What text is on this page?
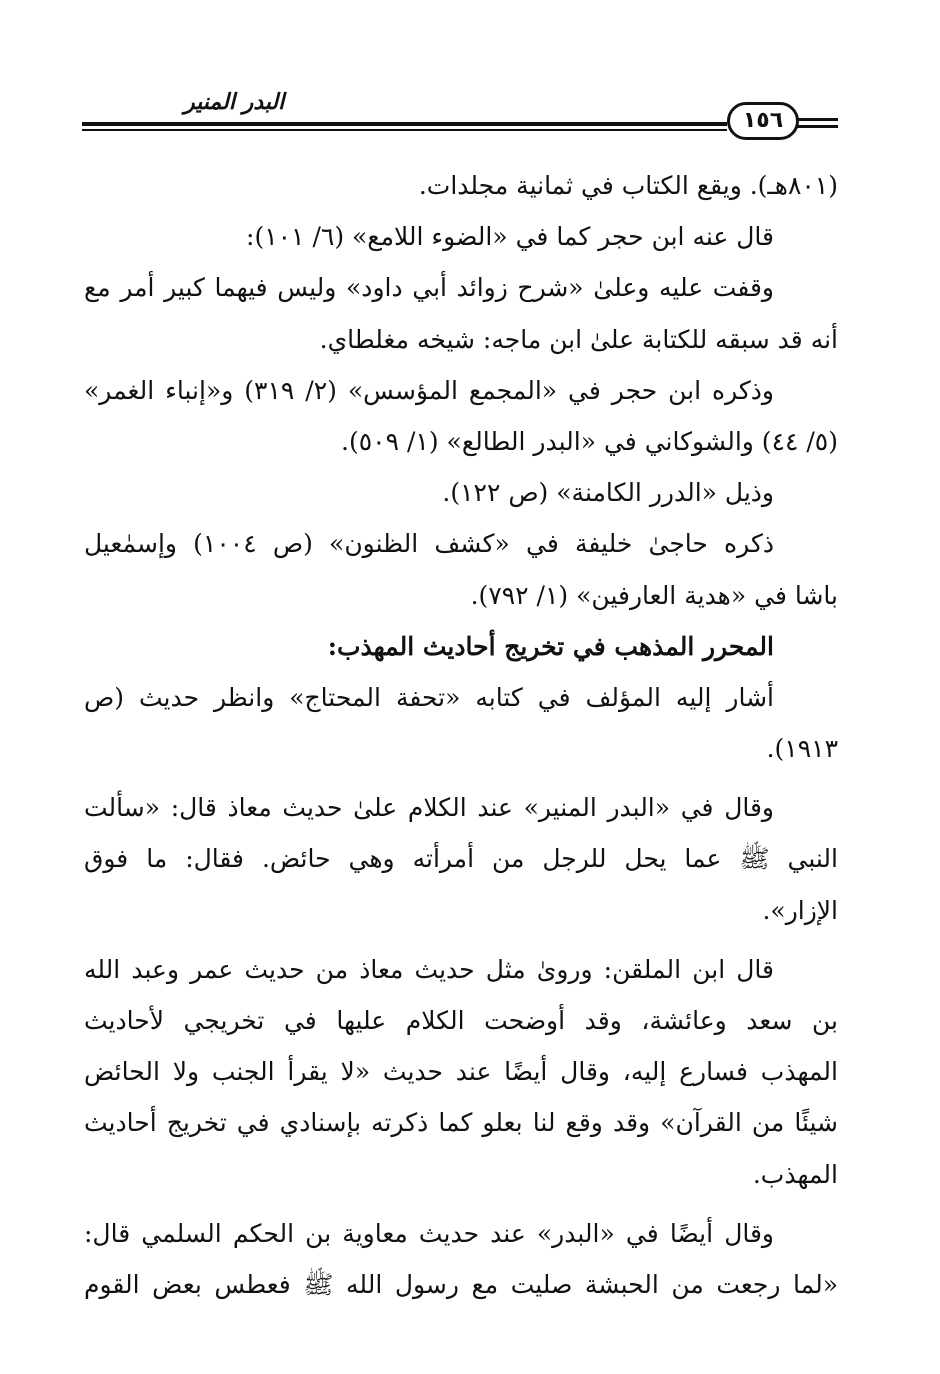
البدر المنير
١٥٦
(٨٠١هـ). ويقع الكتاب في ثمانية مجلدات.
قال عنه ابن حجر كما في «الضوء اللامع» (٦/ ١٠١):
وقفت عليه وعلىٰ «شرح زوائد أبي داود» وليس فيهما كبير أمر مع
أنه قد سبقه للكتابة علىٰ ابن ماجه: شيخه مغلطاي.
وذكره ابن حجر في «المجمع المؤسس» (٢/ ٣١٩) و«إنباء الغمر»
(٥/ ٤٤) والشوكاني في «البدر الطالع» (١/ ٥٠٩).
وذيل «الدرر الكامنة» (ص ١٢٢).
ذكره حاجىٰ خليفة في «كشف الظنون» (ص ١٠٠٤) وإسمٰعيل
باشا في «هدية العارفين» (١/ ٧٩٢).
المحرر المذهب في تخريج أحاديث المهذب:
أشار إليه المؤلف في كتابه «تحفة المحتاج» وانظر حديث (ص
١٩١٣).
وقال في «البدر المنير» عند الكلام علىٰ حديث معاذ قال: «سألت
النبي ﷺ عما يحل للرجل من أمرأته وهي حائض. فقال: ما فوق
الإزار».
قال ابن الملقن: ورویٰ مثل حديث معاذ من حديث عمر وعبد الله
بن سعد وعائشة، وقد أوضحت الكلام عليها في تخريجي لأحاديث
المهذب فسارع إليه، وقال أيضًا عند حديث «لا يقرأ الجنب ولا الحائض
شيئًا من القرآن» وقد وقع لنا بعلو كما ذكرته بإسنادي في تخريج أحاديث
المهذب.
وقال أيضًا في «البدر» عند حديث معاوية بن الحكم السلمي قال:
«لما رجعت من الحبشة صليت مع رسول الله ﷺ فعطس بعض القوم
